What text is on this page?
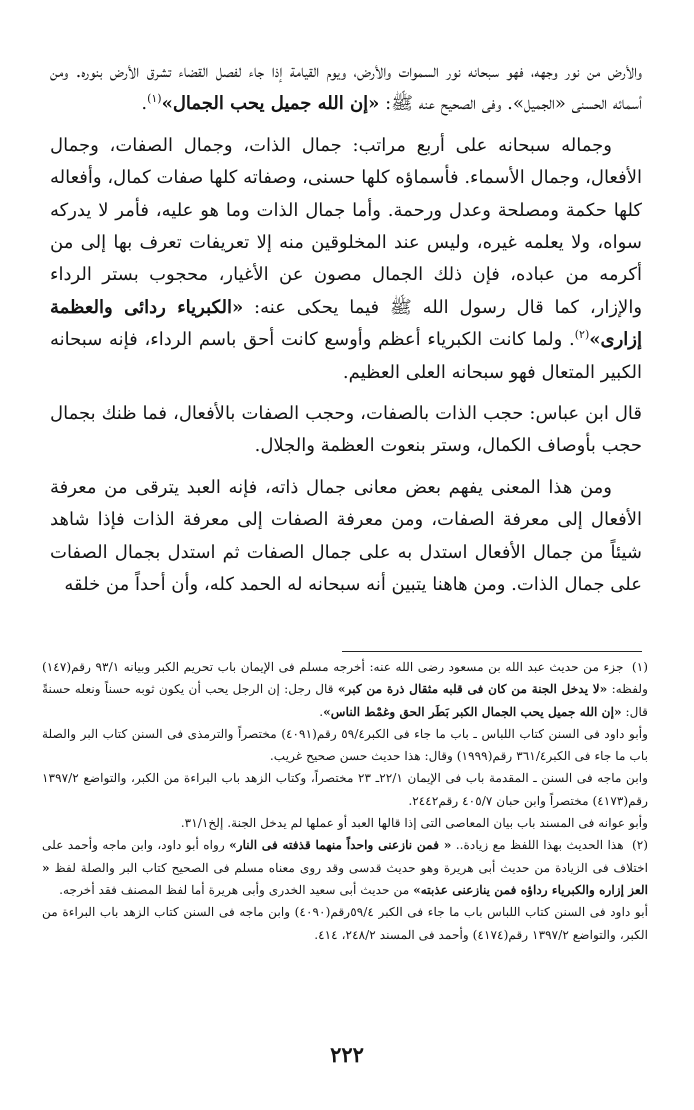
والأرض من نور وجهه، فهو سبحانه نور السموات والأرض، ويوم القيامة إذا جاء لفصل القضاء تشرق الأرض بنوره. ومن أسمائه الحسنى «الجميل». وفى الصحيح عنه ﷺ: «إن الله جميل يحب الجمال»$^{(١)}$.

وجماله سبحانه على أربع مراتب: جمال الذات، وجمال الصفات، وجمال الأفعال، وجمال الأسماء. فأسماؤه كلها حسنى، وصفاته كلها صفات كمال، وأفعاله كلها حكمة ومصلحة وعدل ورحمة. وأما جمال الذات وما هو عليه، فأمر لا يدركه سواه، ولا يعلمه غيره، وليس عند المخلوقين منه إلا تعريفات تعرف بها إلى من أكرمه من عباده، فإن ذلك الجمال مصون عن الأغيار، محجوب بستر الرداء والإزار، كما قال رسول الله ﷺ فيما يحكى عنه: «الكبرياء ردائى والعظمة إزارى»$^{(٢)}$. ولما كانت الكبرياء أعظم وأوسع كانت أحق باسم الرداء، فإنه سبحانه الكبير المتعال فهو سبحانه العلى العظيم.

قال ابن عباس: حجب الذات بالصفات، وحجب الصفات بالأفعال، فما ظنك بجمال حجب بأوصاف الكمال، وستر بنعوت العظمة والجلال.

ومن هذا المعنى يفهم بعض معانى جمال ذاته، فإنه العبد يترقى من معرفة الأفعال إلى معرفة الصفات، ومن معرفة الصفات إلى معرفة الذات فإذا شاهد شيئاً من جمال الأفعال استدل به على جمال الصفات ثم استدل بجمال الصفات على جمال الذات. ومن هاهنا يتبين أنه سبحانه له الحمد كله، وأن أحداً من خلقه

(١) جزء من حديث عبد الله بن مسعود رضى الله عنه: أخرجه مسلم فى الإيمان باب تحريم الكبر وبيانه ٩٣/١ رقم(١٤٧) ولفظه: «لا يدخل الجنة من كان فى قلبه مثقال ذرة من كبر» قال رجل: إن الرجل يحب أن يكون ثوبه حسناً ونعله حسنةً قال: «إن الله جميل يحب الجمال الكبر بَطَر الحق وغمْط الناس».

وأبو داود فى السنن كتاب اللباس ـ باب ما جاء فى الكبر٥٩/٤ رقم(٤٠٩١) مختصراً والترمذى فى السنن كتاب البر والصلة باب ما جاء فى الكبر٣٦١/٤ رقم(١٩٩٩) وقال: هذا حديث حسن صحيح غريب.

وابن ماجه فى السنن ـ المقدمة باب فى الإيمان ٢٢/١ـ ٢٣ مختصراً، وكتاب الزهد باب البراءة من الكبر، والتواضع ١٣٩٧/٢ رقم(٤١٧٣) مختصراً وابن حبان ٤٠٥/٧ رقم٢٤٤٢.

وأبو عوانه فى المسند باب بيان المعاصى التى إذا قالها العبد أو عملها لم يدخل الجنة. إلخ٣١/١.

(٢) هذا الحديث بهذا اللفظ مع زيادة.. « فمن نازعنى واحداً منهما قذفته فى النار» رواه أبو داود، وابن ماجه وأحمد على اختلاف فى الزيادة من حديث أبى هريرة وهو حديث قدسى وقد روى معناه مسلم فى الصحيح كتاب البر والصلة لفظ « العز إزاره والكبرياء رداؤه فمن ينازعنى عذبته» من حديث أبى سعيد الخدرى وأبى هريرة أما لفظ المصنف فقد أخرجه.

أبو داود فى السنن كتاب اللباس باب ما جاء فى الكبر ٥٩/٤رقم(٤٠٩٠) وابن ماجه فى السنن كتاب الزهد باب البراءة من الكبر، والتواضع ١٣٩٧/٢ رقم(٤١٧٤) وأحمد فى المسند ٢٤٨/٢، ٤١٤.

٢٢٢
